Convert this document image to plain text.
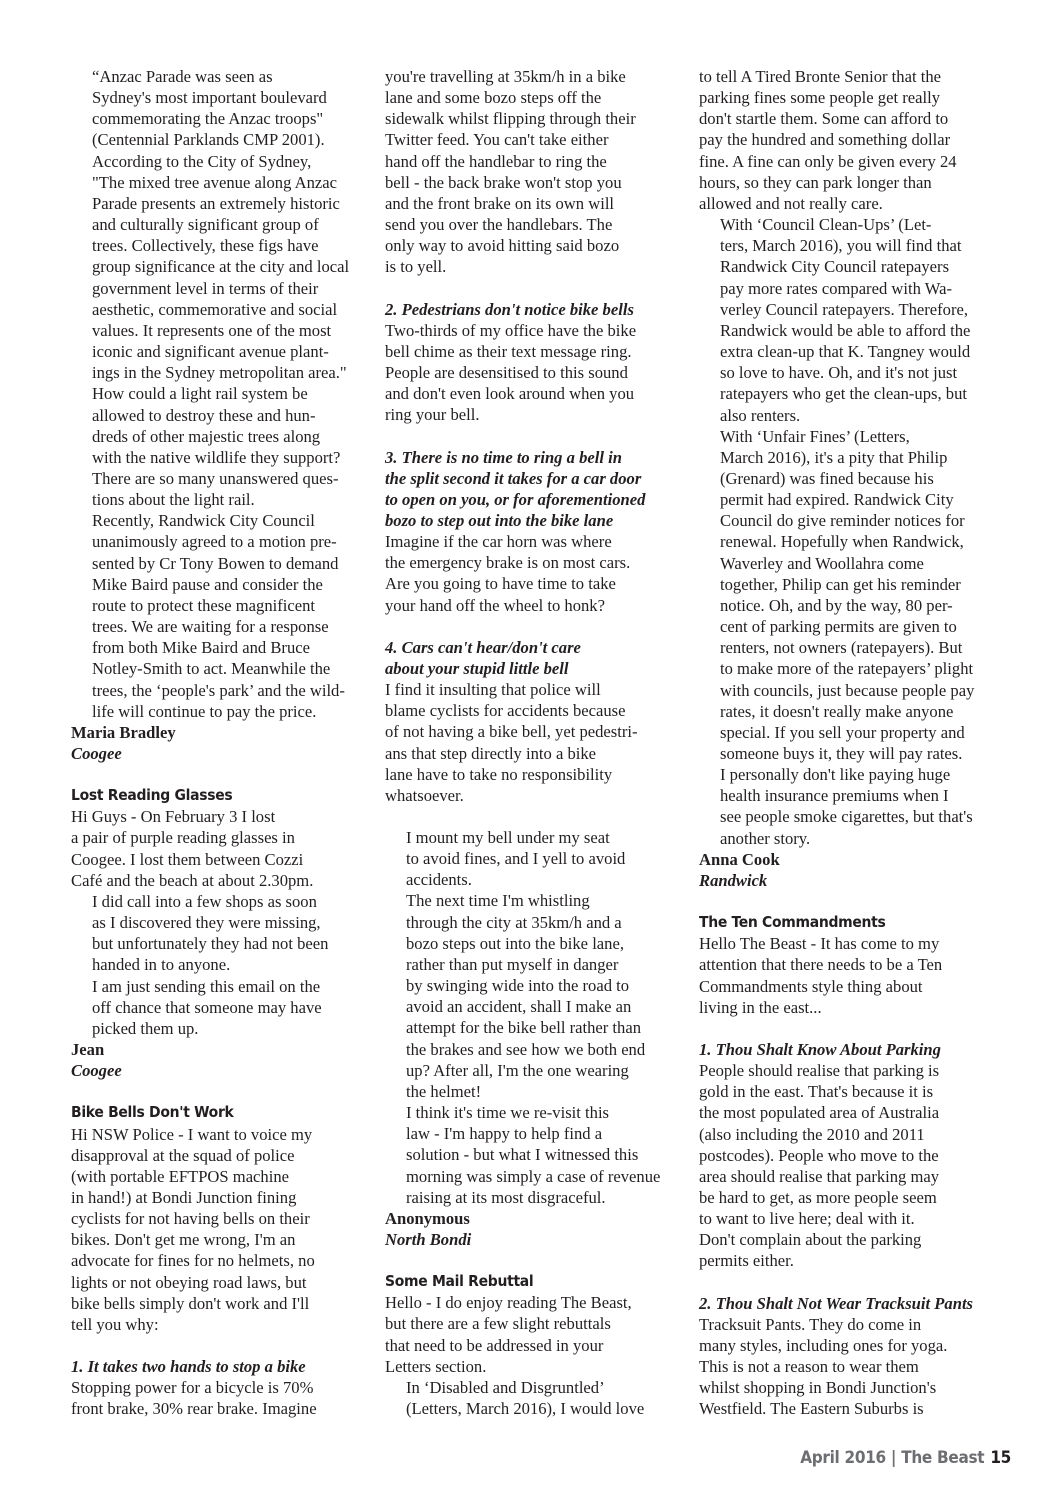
“Anzac Parade was seen as
Sydney's most important boulevard
commemorating the Anzac troops"
(Centennial Parklands CMP 2001).
According to the City of Sydney,
"The mixed tree avenue along Anzac
Parade presents an extremely historic
and culturally significant group of
trees. Collectively, these figs have
group significance at the city and local
government level in terms of their
aesthetic, commemorative and social
values. It represents one of the most
iconic and significant avenue plant-
ings in the Sydney metropolitan area."
How could a light rail system be
allowed to destroy these and hun-
dreds of other majestic trees along
with the native wildlife they support?
There are so many unanswered ques-
tions about the light rail.
Recently, Randwick City Council
unanimously agreed to a motion pre-
sented by Cr Tony Bowen to demand
Mike Baird pause and consider the
route to protect these magnificent
trees. We are waiting for a response
from both Mike Baird and Bruce
Notley-Smith to act. Meanwhile the
trees, the ‘people's park’ and the wild-
life will continue to pay the price.
Maria Bradley
Coogee
Lost Reading Glasses
Hi Guys - On February 3 I lost
a pair of purple reading glasses in
Coogee. I lost them between Cozzi
Café and the beach at about 2.30pm.
I did call into a few shops as soon
as I discovered they were missing,
but unfortunately they had not been
handed in to anyone.
I am just sending this email on the
off chance that someone may have
picked them up.
Jean
Coogee
Bike Bells Don't Work
Hi NSW Police - I want to voice my
disapproval at the squad of police
(with portable EFTPOS machine
in hand!) at Bondi Junction fining
cyclists for not having bells on their
bikes. Don't get me wrong, I'm an
advocate for fines for no helmets, no
lights or not obeying road laws, but
bike bells simply don't work and I'll
tell you why:
1. It takes two hands to stop a bike
Stopping power for a bicycle is 70%
front brake, 30% rear brake. Imagine
you're travelling at 35km/h in a bike
lane and some bozo steps off the
sidewalk whilst flipping through their
Twitter feed. You can't take either
hand off the handlebar to ring the
bell - the back brake won't stop you
and the front brake on its own will
send you over the handlebars. The
only way to avoid hitting said bozo
is to yell.
2. Pedestrians don't notice bike bells
Two-thirds of my office have the bike
bell chime as their text message ring.
People are desensitised to this sound
and don't even look around when you
ring your bell.
3. There is no time to ring a bell in
the split second it takes for a car door
to open on you, or for aforementioned
bozo to step out into the bike lane
Imagine if the car horn was where
the emergency brake is on most cars.
Are you going to have time to take
your hand off the wheel to honk?
4. Cars can't hear/don't care
about your stupid little bell
I find it insulting that police will
blame cyclists for accidents because
of not having a bike bell, yet pedestri-
ans that step directly into a bike
lane have to take no responsibility
whatsoever.
I mount my bell under my seat
to avoid fines, and I yell to avoid
accidents.
The next time I'm whistling
through the city at 35km/h and a
bozo steps out into the bike lane,
rather than put myself in danger
by swinging wide into the road to
avoid an accident, shall I make an
attempt for the bike bell rather than
the brakes and see how we both end
up? After all, I'm the one wearing
the helmet!
I think it's time we re-visit this
law - I'm happy to help find a
solution - but what I witnessed this
morning was simply a case of revenue
raising at its most disgraceful.
Anonymous
North Bondi
Some Mail Rebuttal
Hello - I do enjoy reading The Beast,
but there are a few slight rebuttals
that need to be addressed in your
Letters section.
In ‘Disabled and Disgruntled’
(Letters, March 2016), I would love
to tell A Tired Bronte Senior that the
parking fines some people get really
don't startle them. Some can afford to
pay the hundred and something dollar
fine. A fine can only be given every 24
hours, so they can park longer than
allowed and not really care.
With ‘Council Clean-Ups’ (Let-
ters, March 2016), you will find that
Randwick City Council ratepayers
pay more rates compared with Wa-
verley Council ratepayers. Therefore,
Randwick would be able to afford the
extra clean-up that K. Tangney would
so love to have. Oh, and it's not just
ratepayers who get the clean-ups, but
also renters.
With ‘Unfair Fines’ (Letters,
March 2016), it's a pity that Philip
(Grenard) was fined because his
permit had expired. Randwick City
Council do give reminder notices for
renewal. Hopefully when Randwick,
Waverley and Woollahra come
together, Philip can get his reminder
notice. Oh, and by the way, 80 per-
cent of parking permits are given to
renters, not owners (ratepayers). But
to make more of the ratepayers’ plight
with councils, just because people pay
rates, it doesn't really make anyone
special. If you sell your property and
someone buys it, they will pay rates.
I personally don't like paying huge
health insurance premiums when I
see people smoke cigarettes, but that's
another story.
Anna Cook
Randwick
The Ten Commandments
Hello The Beast - It has come to my
attention that there needs to be a Ten
Commandments style thing about
living in the east...
1. Thou Shalt Know About Parking
People should realise that parking is
gold in the east. That's because it is
the most populated area of Australia
(also including the 2010 and 2011
postcodes). People who move to the
area should realise that parking may
be hard to get, as more people seem
to want to live here; deal with it.
Don't complain about the parking
permits either.
2. Thou Shalt Not Wear Tracksuit Pants
Tracksuit Pants. They do come in
many styles, including ones for yoga.
This is not a reason to wear them
whilst shopping in Bondi Junction's
Westfield. The Eastern Suburbs is
April 2016 | The Beast 15
